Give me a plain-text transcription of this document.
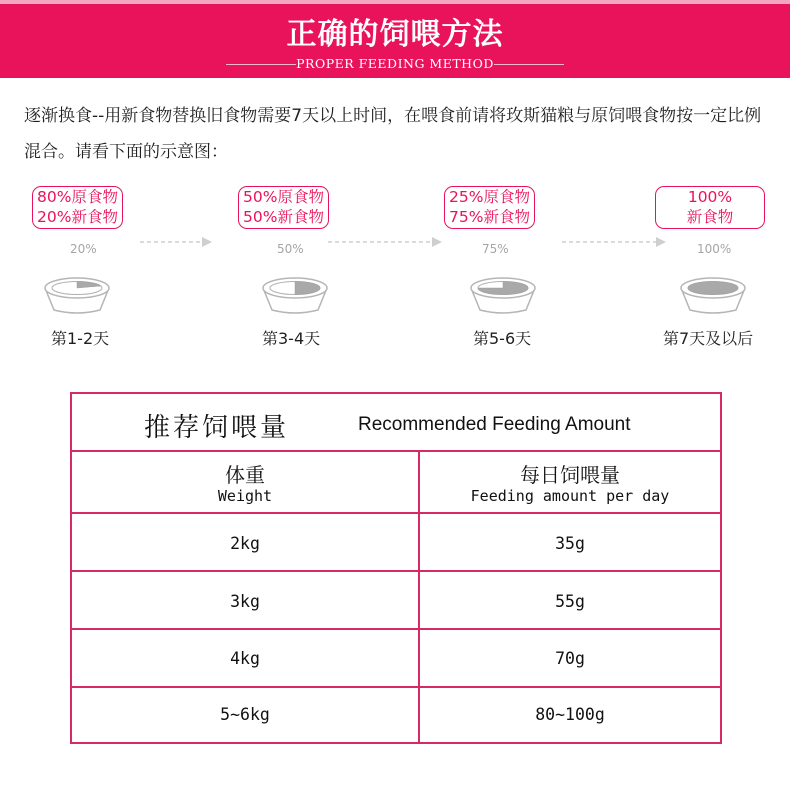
正确的饲喂方法
PROPER FEEDING METHOD
逐渐换食--用新食物替换旧食物需要7天以上时间，在喂食前请将玫斯猫粮与原饲喂食物按一定比例混合。请看下面的示意图：
80%原食物
20%新食物
20%
第1-2天
50%原食物
50%新食物
50%
第3-4天
25%原食物
75%新食物
75%
第5-6天
100%
新食物
100%
第7天及以后
推荐饲喂量	Recommended Feeding Amount
体重
Weight
每日饲喂量
Feeding amount per day
2kg	35g
3kg	55g
4kg	70g
5~6kg	80~100g
